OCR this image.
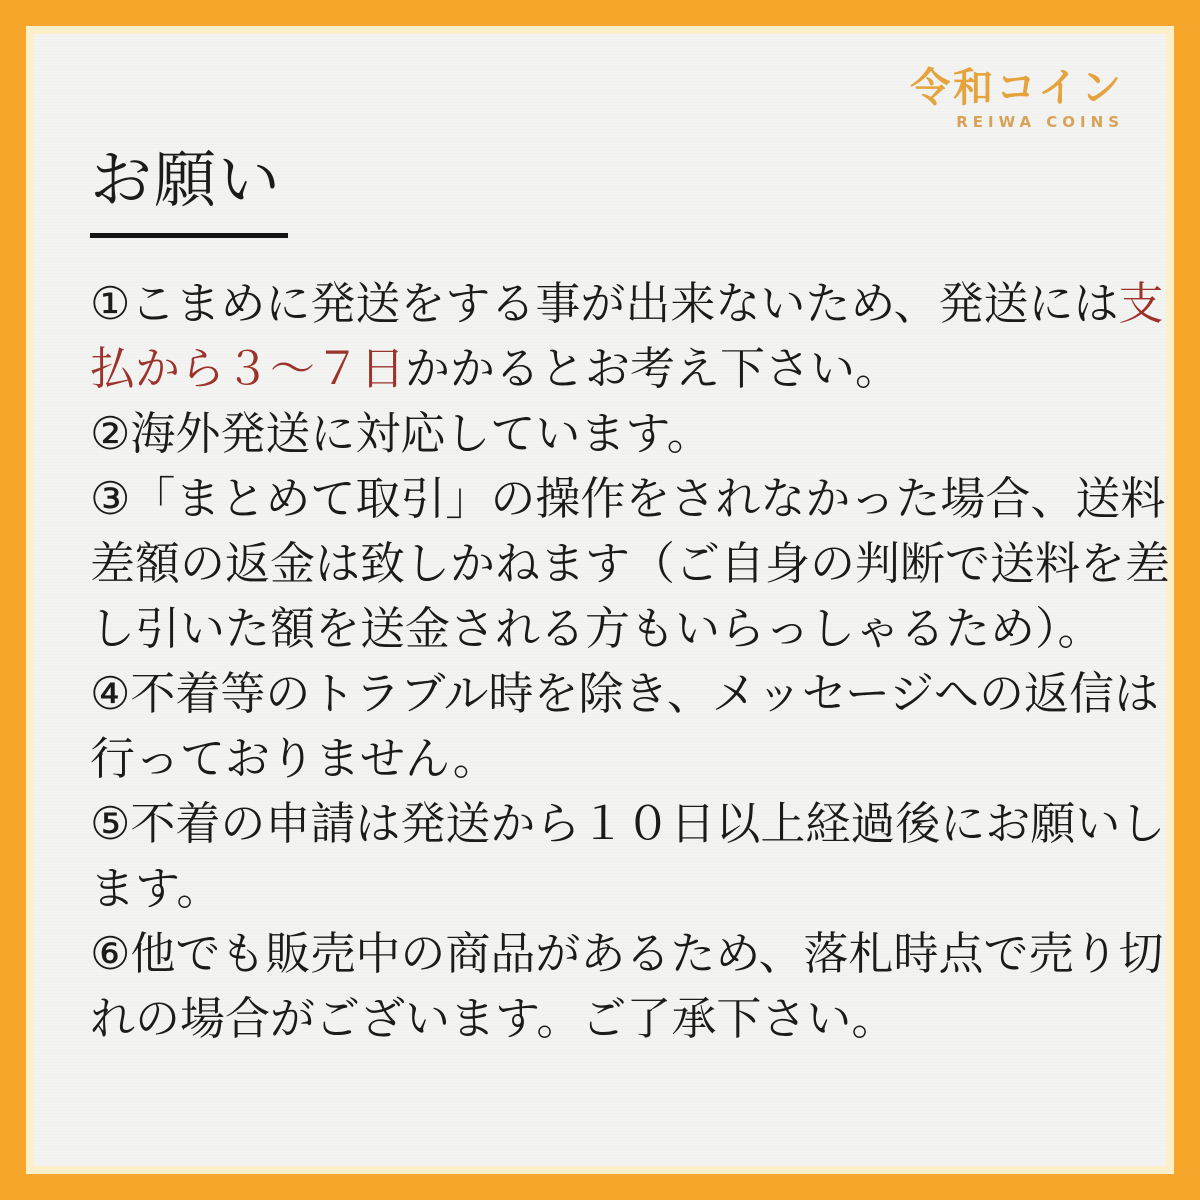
令和コイン
REIWA COINS
お願い

①こまめに発送をする事が出来ないため、発送には支払から３～７日かかるとお考え下さい。

②海外発送に対応しています。

③「まとめて取引」の操作をされなかった場合、送料差額の返金は致しかねます（ご自身の判断で送料を差し引いた額を送金される方もいらっしゃるため）。

④不着等のトラブル時を除き、メッセージへの返信は行っておりません。

⑤不着の申請は発送から１０日以上経過後にお願いします。

⑥他でも販売中の商品があるため、落札時点で売り切れの場合がございます。ご了承下さい。
